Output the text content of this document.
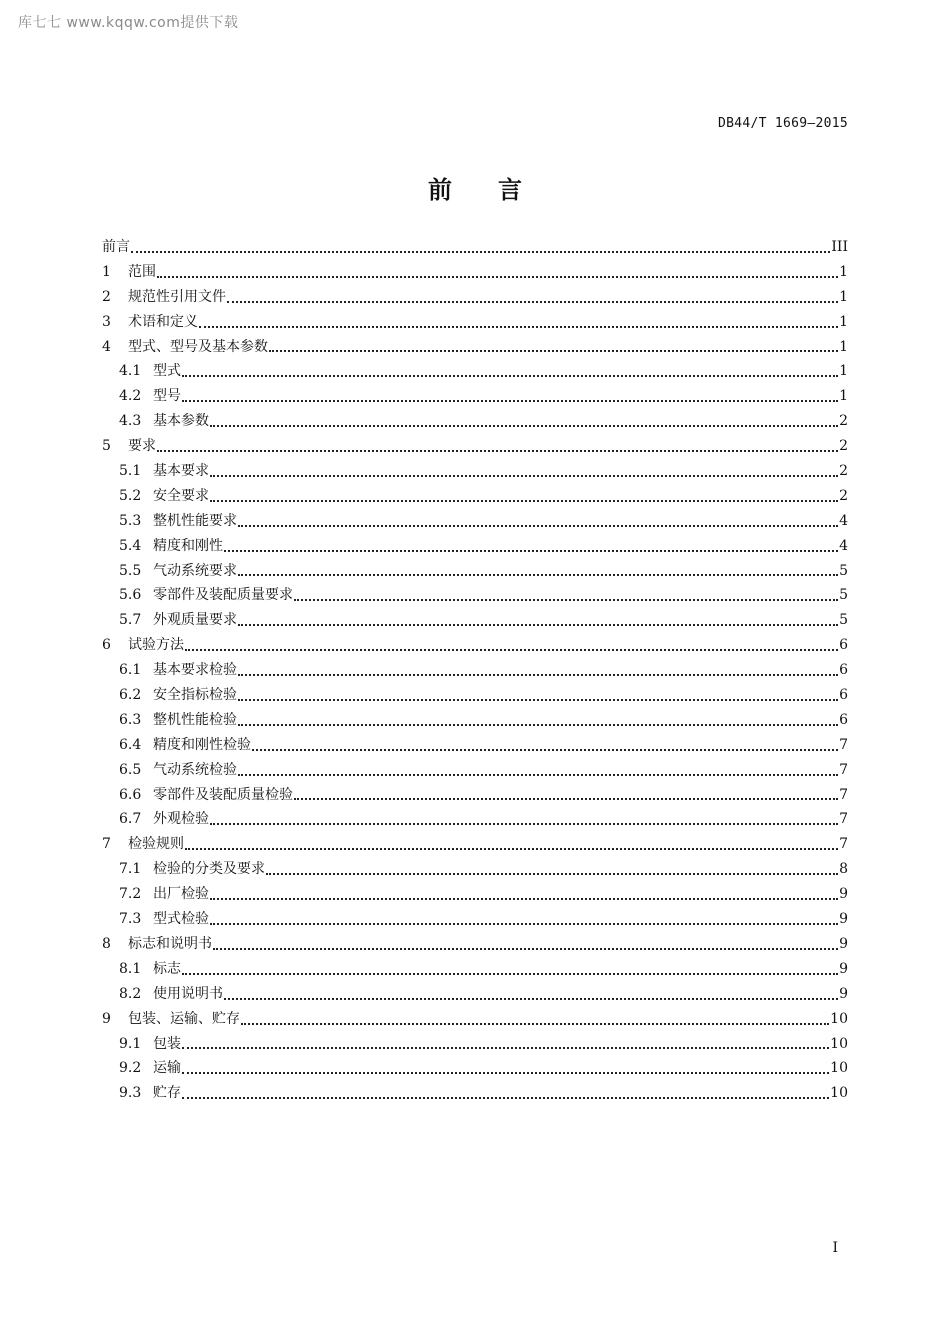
库七七 www.kqqw.com提供下载
DB44/T 1669—2015
前言
前言	III
1	范围	1
2	规范性引用文件	1
3	术语和定义	1
4	型式、型号及基本参数	1
4.1 型式	1
4.2 型号	1
4.3 基本参数	2
5	要求	2
5.1 基本要求	2
5.2 安全要求	2
5.3 整机性能要求	4
5.4 精度和刚性	4
5.5 气动系统要求	5
5.6 零部件及装配质量要求	5
5.7 外观质量要求	5
6	试验方法	6
6.1 基本要求检验	6
6.2 安全指标检验	6
6.3 整机性能检验	6
6.4 精度和刚性检验	7
6.5 气动系统检验	7
6.6 零部件及装配质量检验	7
6.7 外观检验	7
7	检验规则	7
7.1 检验的分类及要求	8
7.2 出厂检验	9
7.3 型式检验	9
8	标志和说明书	9
8.1 标志	9
8.2 使用说明书	9
9	包装、运输、贮存	10
9.1 包装	10
9.2 运输	10
9.3 贮存	10
I
